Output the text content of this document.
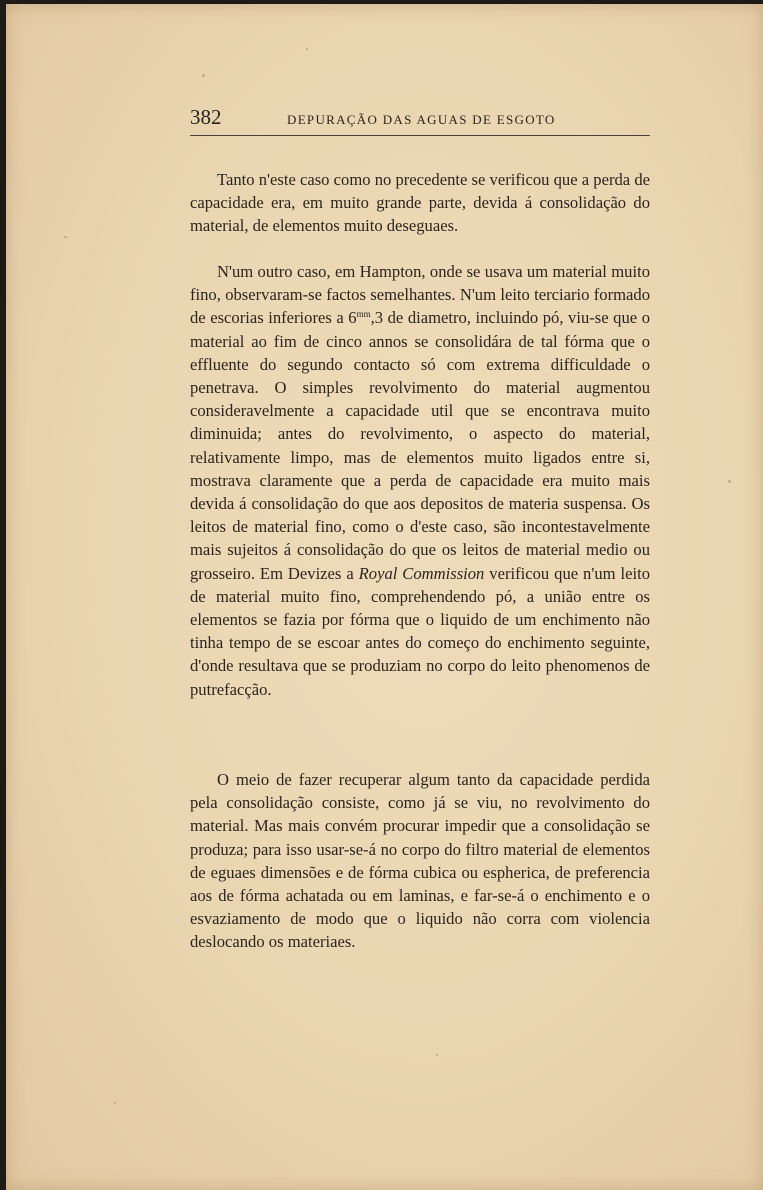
382	DEPURAÇÃO DAS AGUAS DE ESGOTO

Tanto n'este caso como no precedente se verificou que a perda de capacidade era, em muito grande parte, devida á consolidação do material, de elementos muito deseguaes.

N'um outro caso, em Hampton, onde se usava um material muito fino, observaram-se factos semelhantes. N'um leito terciario formado de escorias inferiores a $6^{mm},3$ de diametro, incluindo pó, viu-se que o material ao fim de cinco annos se consolidára de tal fórma que o effluente do segundo contacto só com extrema difficuldade o penetrava. O simples revolvimento do material augmentou consideravelmente a capacidade util que se encontrava muito diminuida; antes do revolvimento, o aspecto do material, relativamente limpo, mas de elementos muito ligados entre si, mostrava claramente que a perda de capacidade era muito mais devida á consolidação do que aos depositos de materia suspensa. Os leitos de material fino, como o d'este caso, são incontestavelmente mais sujeitos á consolidação do que os leitos de material medio ou grosseiro. Em Devizes a Royal Commission verificou que n'um leito de material muito fino, comprehendendo pó, a união entre os elementos se fazia por fórma que o liquido de um enchimento não tinha tempo de se escoar antes do começo do enchimento seguinte, d'onde resultava que se produziam no corpo do leito phenomenos de putrefacção.

O meio de fazer recuperar algum tanto da capacidade perdida pela consolidação consiste, como já se viu, no revolvimento do material. Mas mais convém procurar impedir que a consolidação se produza; para isso usar-se-á no corpo do filtro material de elementos de eguaes dimensões e de fórma cubica ou espherica, de preferencia aos de fórma achatada ou em laminas, e far-se-á o enchimento e o esvaziamento de modo que o liquido não corra com violencia deslocando os materiaes.
